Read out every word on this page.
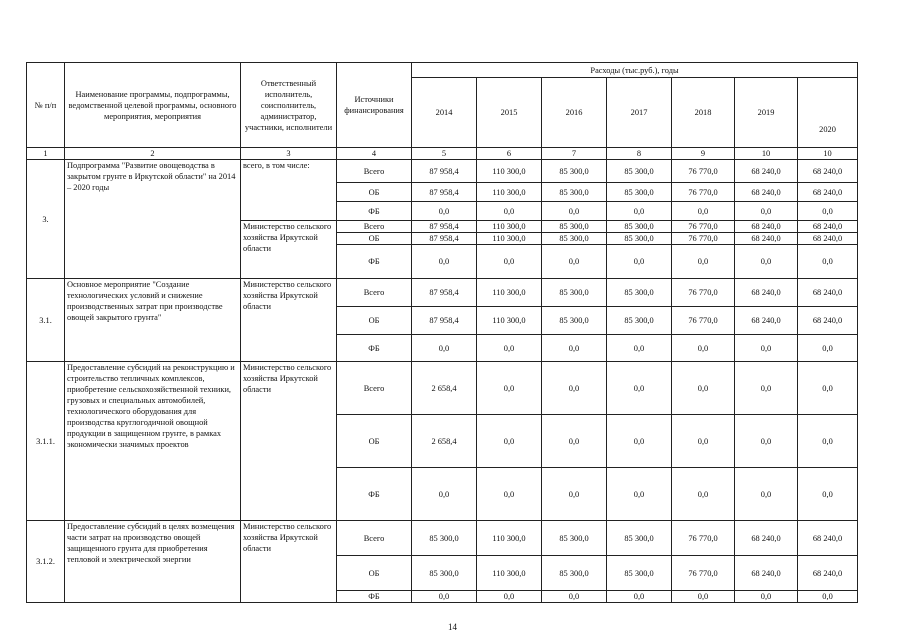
№ п/п	Наименование программы, подпрограммы, ведомственной целевой программы, основного мероприятия, мероприятия	Ответственный исполнитель, соисполнитель, администратор, участники, исполнители	Источники финансирования	Расходы (тыс.руб.), годы						
				2014	2015	2016	2017	2018	2019	2020
1	2	3	4	5	6	7	8	9	10	10
3.	Подпрограмма "Развитие овощеводства в закрытом грунте в Иркутской области" на 2014 – 2020 годы	всего, в том числе:	Всего	87 958,4	110 300,0	85 300,0	85 300,0	76 770,0	68 240,0	68 240,0
			ОБ	87 958,4	110 300,0	85 300,0	85 300,0	76 770,0	68 240,0	68 240,0
			ФБ	0,0	0,0	0,0	0,0	0,0	0,0	0,0
		Министерство сельского хозяйства Иркутской области	Всего	87 958,4	110 300,0	85 300,0	85 300,0	76 770,0	68 240,0	68 240,0
			ОБ	87 958,4	110 300,0	85 300,0	85 300,0	76 770,0	68 240,0	68 240,0
			ФБ	0,0	0,0	0,0	0,0	0,0	0,0	0,0
3.1.	Основное мероприятие "Создание технологических условий и снижение производственных затрат при производстве овощей закрытого грунта"	Министерство сельского хозяйства Иркутской области	Всего	87 958,4	110 300,0	85 300,0	85 300,0	76 770,0	68 240,0	68 240,0
			ОБ	87 958,4	110 300,0	85 300,0	85 300,0	76 770,0	68 240,0	68 240,0
			ФБ	0,0	0,0	0,0	0,0	0,0	0,0	0,0
3.1.1.	Предоставление субсидий на реконструкцию и строительство тепличных комплексов, приобретение сельскохозяйственной техники, грузовых и специальных автомобилей, технологического оборудования для производства круглогодичной овощной продукции в защищенном грунте, в рамках экономически значимых проектов	Министерство сельского хозяйства Иркутской области	Всего	2 658,4	0,0	0,0	0,0	0,0	0,0	0,0
			ОБ	2 658,4	0,0	0,0	0,0	0,0	0,0	0,0
			ФБ	0,0	0,0	0,0	0,0	0,0	0,0	0,0
3.1.2.	Предоставление субсидий в целях возмещения части затрат на производство овощей защищенного грунта для приобретения тепловой и электрической энергии	Министерство сельского хозяйства Иркутской области	Всего	85 300,0	110 300,0	85 300,0	85 300,0	76 770,0	68 240,0	68 240,0
			ОБ	85 300,0	110 300,0	85 300,0	85 300,0	76 770,0	68 240,0	68 240,0
			ФБ	0,0	0,0	0,0	0,0	0,0	0,0	0,0
14
